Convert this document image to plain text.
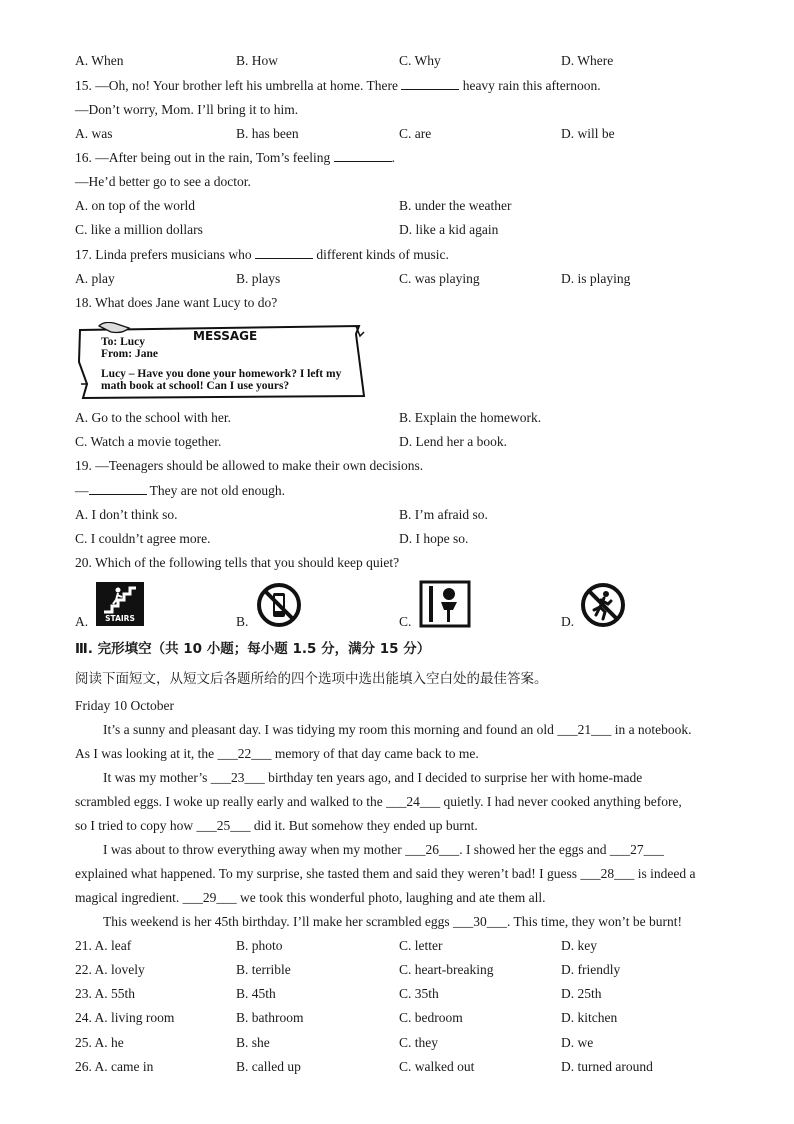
A. When	B. How	C. Why	D. Where
15. —Oh, no! Your brother left his umbrella at home. There	heavy rain this afternoon.
—Don’t worry, Mom. I’ll bring it to him.
A. was	B. has been	C. are	D. will be
16. —After being out in the rain, Tom’s feeling	.
—He’d better go to see a doctor.
A. on top of the world	B. under the weather
C. like a million dollars	D. like a kid again
17. Linda prefers musicians who	different kinds of music.
A. play	B. plays	C. was playing	D. is playing
18. What does Jane want Lucy to do?
MESSAGE
To: Lucy
From: Jane
Lucy – Have you done your homework? I left my
math book at school! Can I use yours?
A. Go to the school with her.	B. Explain the homework.
C. Watch a movie together.	D. Lend her a book.
19. —Teenagers should be allowed to make their own decisions.
—	They are not old enough.
A. I don’t think so.	B. I’m afraid so.
C. I couldn’t agree more.	D. I hope so.
20. Which of the following tells that you should keep quiet?
A.	B.	C.	D.
STAIRS
Ⅲ. 完形填空（共 10 小题；每小题 1.5 分，满分 15 分）
阅读下面短文，从短文后各题所给的四个选项中选出能填入空白处的最佳答案。
Friday 10 October
It’s a sunny and pleasant day. I was tidying my room this morning and found an old ___21___ in a notebook.
As I was looking at it, the ___22___ memory of that day came back to me.
It was my mother’s ___23___ birthday ten years ago, and I decided to surprise her with home-made
scrambled eggs. I woke up really early and walked to the ___24___ quietly. I had never cooked anything before,
so I tried to copy how ___25___ did it. But somehow they ended up burnt.
I was about to throw everything away when my mother ___26___. I showed her the eggs and ___27___
explained what happened. To my surprise, she tasted them and said they weren’t bad! I guess ___28___ is indeed a
magical ingredient. ___29___ we took this wonderful photo, laughing and ate them all.
This weekend is her 45th birthday. I’ll make her scrambled eggs ___30___. This time, they won’t be burnt!
21. A. leaf	B. photo	C. letter	D. key
22. A. lovely	B. terrible	C. heart-breaking	D. friendly
23. A. 55th	B. 45th	C. 35th	D. 25th
24. A. living room	B. bathroom	C. bedroom	D. kitchen
25. A. he	B. she	C. they	D. we
26. A. came in	B. called up	C. walked out	D. turned around
